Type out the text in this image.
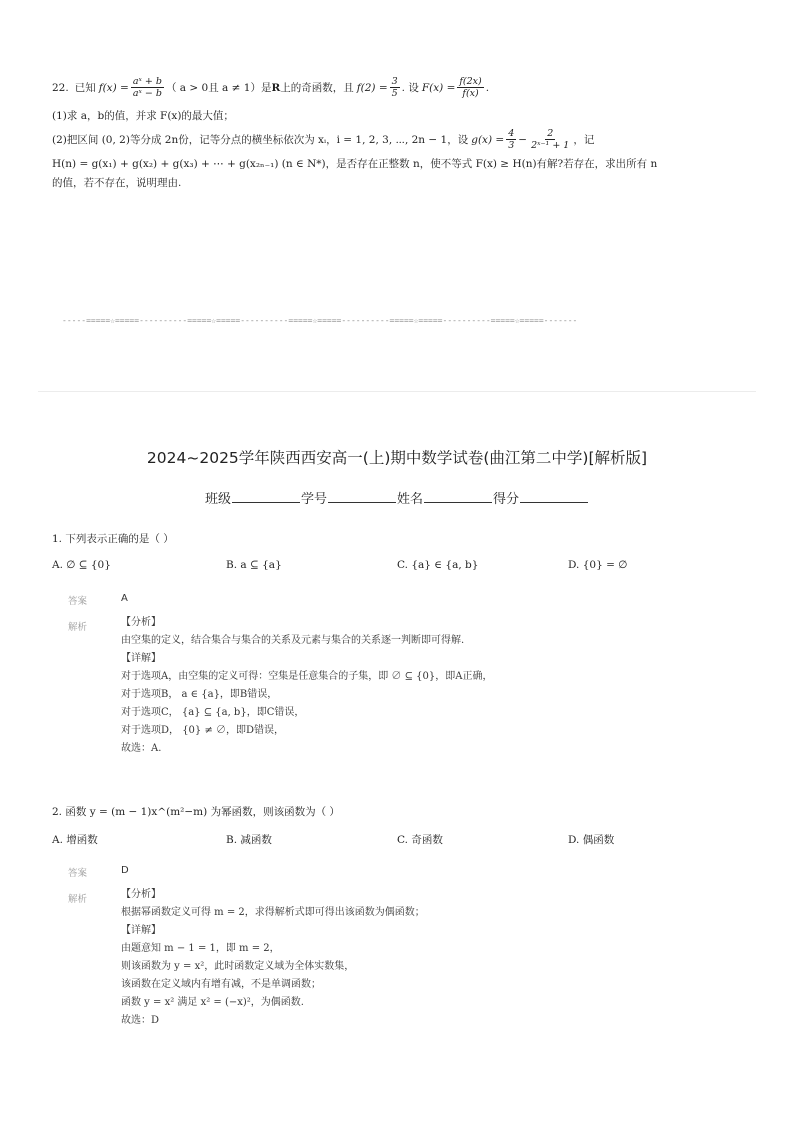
22. 已知 $f(x) = \frac{\text{aˣ + b}}{\text{aˣ − b}}$ （ a > 0且 a ≠ 1） 是 R 上的奇函数，且 $f(2) = \frac{3}{5}$ . 设 $F(x) = \frac{f(2x)}{f(x)}$ .
(1)求 a，b的值，并求 F(x)的最大值；
(2)把区间 (0, 2)等分成 2n份，记等分点的横坐标依次为 xᵢ，i = 1, 2, 3, ⋯, 2n − 1，设 $g(x) = \frac{4}{3} - \frac{2}{\text{2ˣ⁻¹ + 1}}$ ，记
H(n) = g(x₁) + g(x₂) + g(x₃) + ⋯ + g(x₂ₙ₋₁) (n ∈ N*)，是否存在正整数 n，使不等式 F(x) ≥ H(n)有解?若存在，求出所有 n
的值，若不存在，说明理由.
-----=====☆=====----------=====☆=====----------=====☆=====----------=====☆=====----------=====☆=====-------
2024~2025学年陕西西安高一(上)期中数学试卷(曲江第二中学)[解析版]
班级	学号	姓名	得分
1. 下列表示正确的是（ ）
A. ∅ ⊆ {0}	B. a ⊆ {a}	C. {a} ∈ {a, b}	D. {0} = ∅
答案	A
解析	【分析】
由空集的定义，结合集合与集合的关系及元素与集合的关系逐一判断即可得解.
【详解】
对于选项A，由空集的定义可得：空集是任意集合的子集，即 ∅ ⊆ {0}，即A正确，
对于选项B， a ∈ {a}，即B错误，
对于选项C， {a} ⊆ {a, b}，即C错误，
对于选项D， {0} ≠ ∅，即D错误，
故选：A.
2. 函数 y = (m − 1)x^(m²−m) 为幂函数，则该函数为（ ）
A. 增函数	B. 减函数	C. 奇函数	D. 偶函数
答案	D
解析	【分析】
根据幂函数定义可得 m = 2，求得解析式即可得出该函数为偶函数；
【详解】
由题意知 m − 1 = 1，即 m = 2，
则该函数为 y = x²，此时函数定义域为全体实数集，
该函数在定义域内有增有减，不是单调函数；
函数 y = x² 满足 x² = (−x)²，为偶函数.
故选：D
